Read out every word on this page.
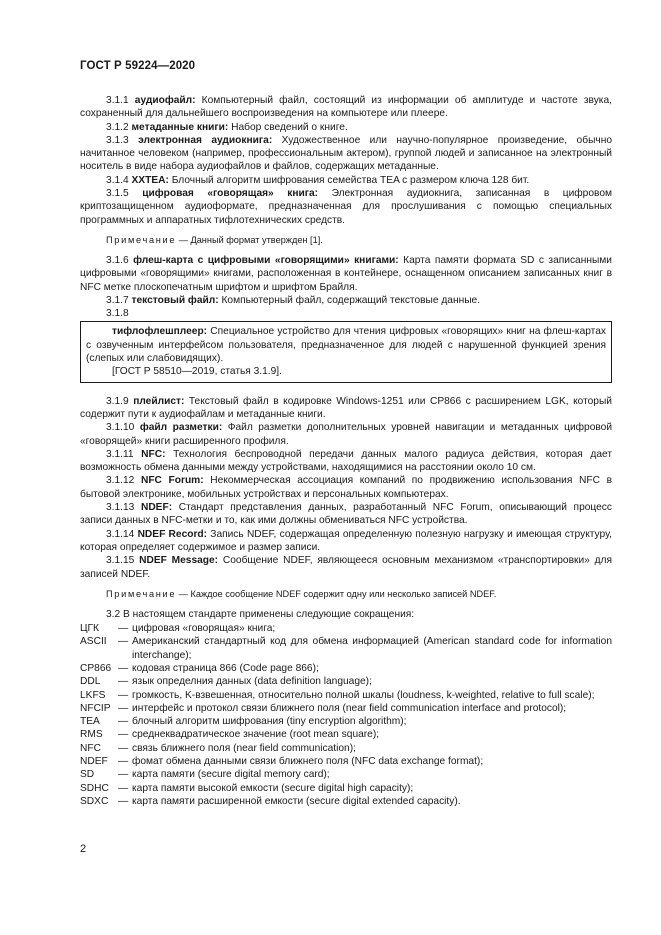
ГОСТ Р 59224—2020

3.1.1 аудиофайл: Компьютерный файл, состоящий из информации об амплитуде и частоте звука, сохраненный для дальнейшего воспроизведения на компьютере или плеере.

3.1.2 метаданные книги: Набор сведений о книге.

3.1.3 электронная аудиокнига: Художественное или научно-популярное произведение, обычно начитанное человеком (например, профессиональным актером), группой людей и записанное на электронный носитель в виде набора аудиофайлов и файлов, содержащих метаданные.

3.1.4 XXTEA: Блочный алгоритм шифрования семейства TEA с размером ключа 128 бит.

3.1.5 цифровая «говорящая» книга: Электронная аудиокнига, записанная в цифровом криптозащищенном аудиоформате, предназначенная для прослушивания с помощью специальных программных и аппаратных тифлотехнических средств.

Примечание — Данный формат утвержден [1].

3.1.6 флеш-карта с цифровыми «говорящими» книгами: Карта памяти формата SD с записанными цифровыми «говорящими» книгами, расположенная в контейнере, оснащенном описанием записанных книг в NFC метке плоскопечатным шрифтом и шрифтом Брайля.

3.1.7 текстовый файл: Компьютерный файл, содержащий текстовые данные.

3.1.8

тифлофлешплеер: Специальное устройство для чтения цифровых «говорящих» книг на флеш-картах с озвученным интерфейсом пользователя, предназначенное для людей с нарушенной функцией зрения (слепых или слабовидящих).

[ГОСТ Р 58510—2019, статья 3.1.9].

3.1.9 плейлист: Текстовый файл в кодировке Windows-1251 или CP866 с расширением LGK, который содержит пути к аудиофайлам и метаданные книги.

3.1.10 файл разметки: Файл разметки дополнительных уровней навигации и метаданных цифровой «говорящей» книги расширенного профиля.

3.1.11 NFC: Технология беспроводной передачи данных малого радиуса действия, которая дает возможность обмена данными между устройствами, находящимися на расстоянии около 10 см.

3.1.12 NFC Forum: Некоммерческая ассоциация компаний по продвижению использования NFC в бытовой электронике, мобильных устройствах и персональных компьютерах.

3.1.13 NDEF: Стандарт представления данных, разработанный NFC Forum, описывающий процесс записи данных в NFC-метки и то, как ими должны обмениваться NFC устройства.

3.1.14 NDEF Record: Запись NDEF, содержащая определенную полезную нагрузку и имеющая структуру, которая определяет содержимое и размер записи.

3.1.15 NDEF Message: Сообщение NDEF, являющееся основным механизмом «транспортировки» для записей NDEF.

Примечание — Каждое сообщение NDEF содержит одну или несколько записей NDEF.

3.2 В настоящем стандарте применены следующие сокращения:

ЦГК	— цифровая «говорящая» книга;
ASCII	— Американский стандартный код для обмена информацией (American standard code for information interchange);
CP866 — кодовая страница 866 (Code page 866);
DDL	— язык определния данных (data definition language);
LKFS	— громкость, K-взвешенная, относительно полной шкалы (loudness, k-weighted, relative to full scale);
NFCIP — интерфейс и протокол связи ближнего поля (near field communication interface and protocol);
TEA	— блочный алгоритм шифрования (tiny encryption algorithm);
RMS	— среднеквадратическое значение (root mean square);
NFC	— связь ближнего поля (near field communication);
NDEF	— фомат обмена данными связи ближнего поля (NFC data exchange format);
SD	— карта памяти (secure digital memory card);
SDHC — карта памяти высокой емкости (secure digital high capacity);
SDXC — карта памяти расширенной емкости (secure digital extended capacity).
2
